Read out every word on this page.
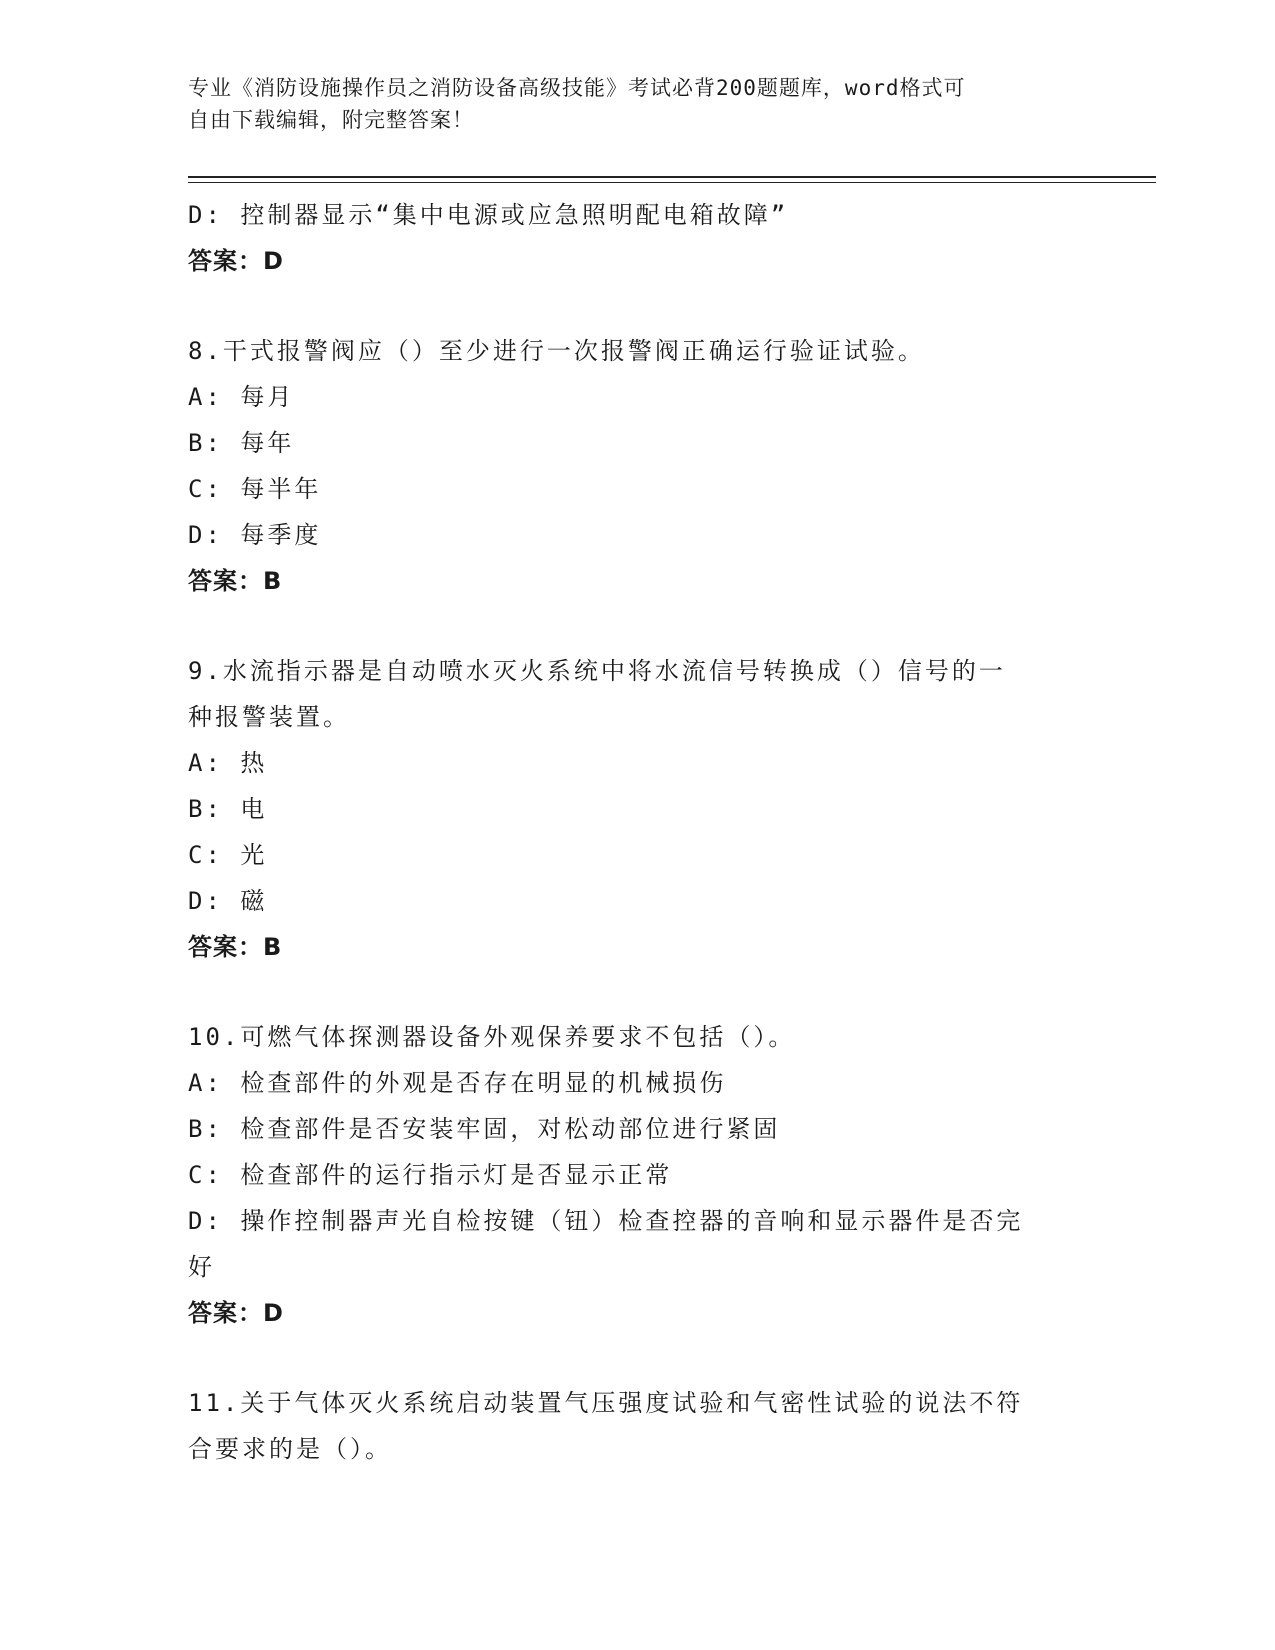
专业《消防设施操作员之消防设备高级技能》考试必背200题题库，word格式可
自由下载编辑，附完整答案！
D: 控制器显示“集中电源或应急照明配电箱故障”
答案：D
8.干式报警阀应（）至少进行一次报警阀正确运行验证试验。
A: 每月
B: 每年
C: 每半年
D: 每季度
答案：B
9.水流指示器是自动喷水灭火系统中将水流信号转换成（）信号的一
种报警装置。
A: 热
B: 电
C: 光
D: 磁
答案：B
10.可燃气体探测器设备外观保养要求不包括（）。
A: 检查部件的外观是否存在明显的机械损伤
B: 检查部件是否安装牢固，对松动部位进行紧固
C: 检查部件的运行指示灯是否显示正常
D: 操作控制器声光自检按键（钮）检查控器的音响和显示器件是否完
好
答案：D
11.关于气体灭火系统启动装置气压强度试验和气密性试验的说法不符
合要求的是（）。
